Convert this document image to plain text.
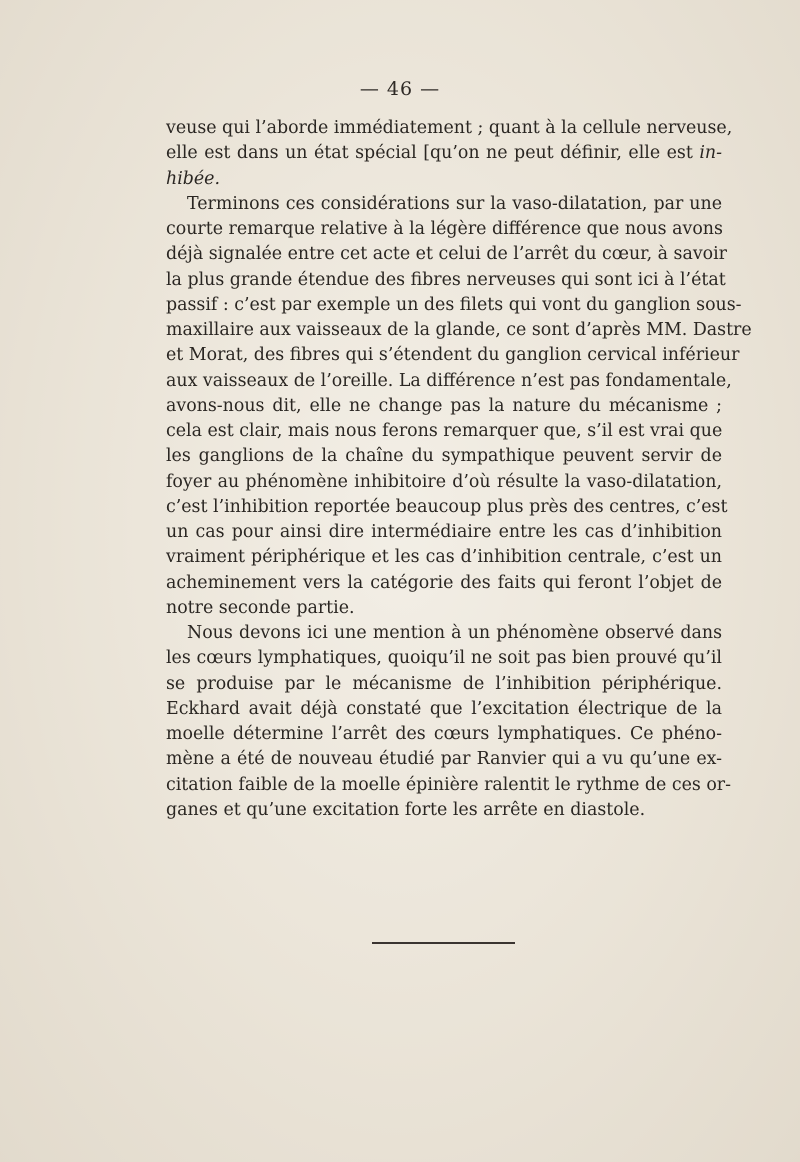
— 46 —
veuse qui l’aborde immédiatement ; quant à la cellule nerveuse,
elle est dans un état spécial [qu’on ne peut définir, elle est in-
hibée.
Terminons ces considérations sur la vaso-dilatation, par une
courte remarque relative à la légère différence que nous avons
déjà signalée entre cet acte et celui de l’arrêt du cœur, à savoir
la plus grande étendue des fibres nerveuses qui sont ici à l’état
passif : c’est par exemple un des filets qui vont du ganglion sous-
maxillaire aux vaisseaux de la glande, ce sont d’après MM. Dastre
et Morat, des fibres qui s’étendent du ganglion cervical inférieur
aux vaisseaux de l’oreille. La différence n’est pas fondamentale,
avons-nous dit, elle ne change pas la nature du mécanisme ;
cela est clair, mais nous ferons remarquer que, s’il est vrai que
les ganglions de la chaîne du sympathique peuvent servir de
foyer au phénomène inhibitoire d’où résulte la vaso-dilatation,
c’est l’inhibition reportée beaucoup plus près des centres, c’est
un cas pour ainsi dire intermédiaire entre les cas d’inhibition
vraiment périphérique et les cas d’inhibition centrale, c’est un
acheminement vers la catégorie des faits qui feront l’objet de
notre seconde partie.
Nous devons ici une mention à un phénomène observé dans
les cœurs lymphatiques, quoiqu’il ne soit pas bien prouvé qu’il
se produise par le mécanisme de l’inhibition périphérique.
Eckhard avait déjà constaté que l’excitation électrique de la
moelle détermine l’arrêt des cœurs lymphatiques. Ce phéno-
mène a été de nouveau étudié par Ranvier qui a vu qu’une ex-
citation faible de la moelle épinière ralentit le rythme de ces or-
ganes et qu’une excitation forte les arrête en diastole.
